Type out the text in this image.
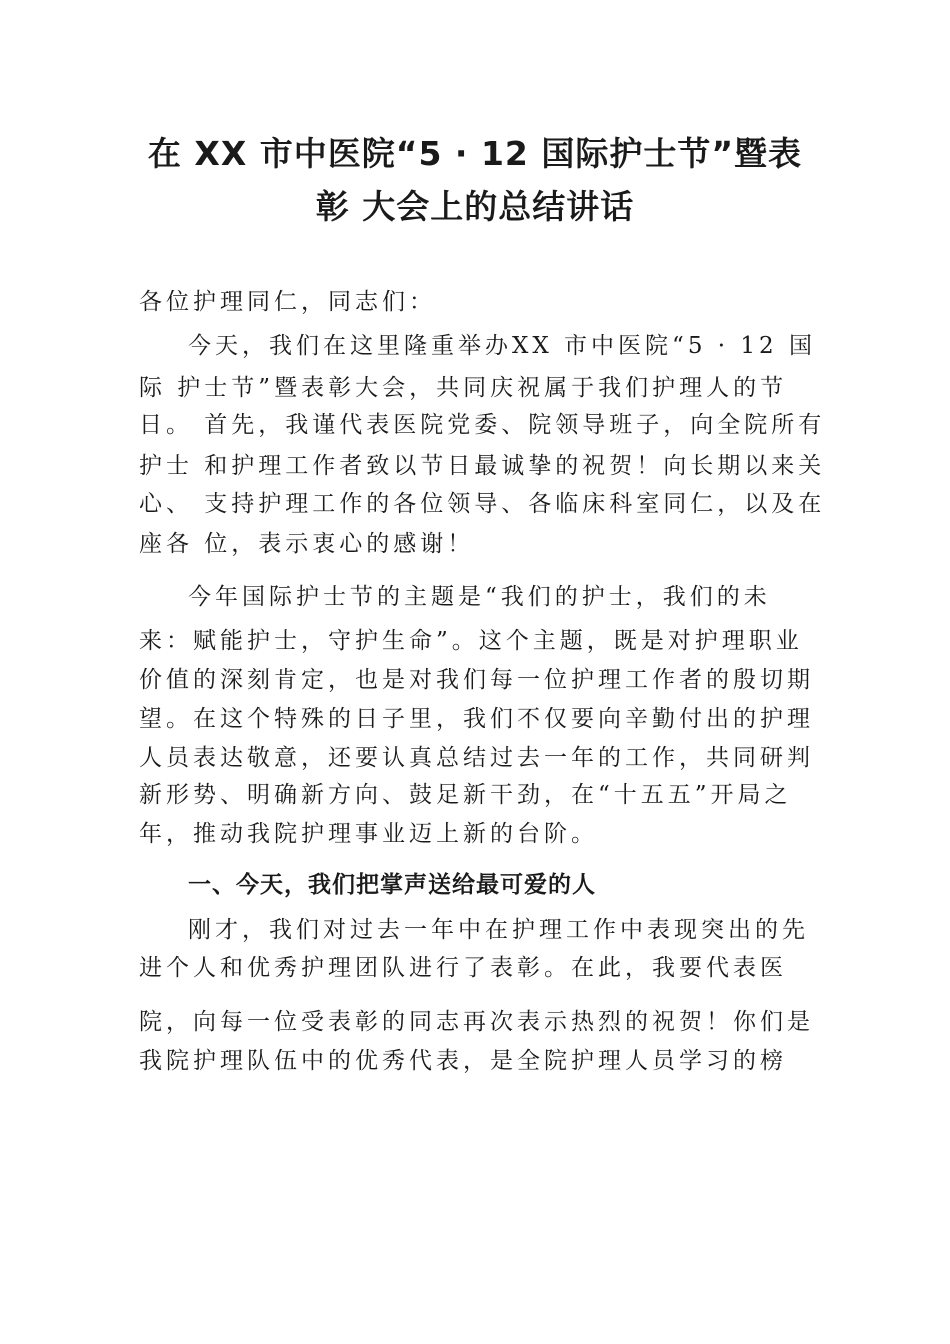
在 XX 市中医院“5 · 12 国际护士节”暨表
彰 大会上的总结讲话
各位护理同仁，同志们：
今天，我们在这里隆重举办XX 市中医院“5 · 12 国
际 护士节”暨表彰大会，共同庆祝属于我们护理人的节
日。 首先，我谨代表医院党委、院领导班子，向全院所有
护士 和护理工作者致以节日最诚挚的祝贺！向长期以来关
心、 支持护理工作的各位领导、各临床科室同仁，以及在
座各 位，表示衷心的感谢！
今年国际护士节的主题是“我们的护士，我们的未
来：赋能护士，守护生命”。这个主题，既是对护理职业
价值的深刻肯定，也是对我们每一位护理工作者的殷切期
望。在这个特殊的日子里，我们不仅要向辛勤付出的护理
人员表达敬意，还要认真总结过去一年的工作，共同研判
新形势、明确新方向、鼓足新干劲，在“十五五”开局之
年，推动我院护理事业迈上新的台阶。
一、今天，我们把掌声送给最可爱的人
刚才，我们对过去一年中在护理工作中表现突出的先
进个人和优秀护理团队进行了表彰。在此，我要代表医
院，向每一位受表彰的同志再次表示热烈的祝贺！你们是
我院护理队伍中的优秀代表，是全院护理人员学习的榜
